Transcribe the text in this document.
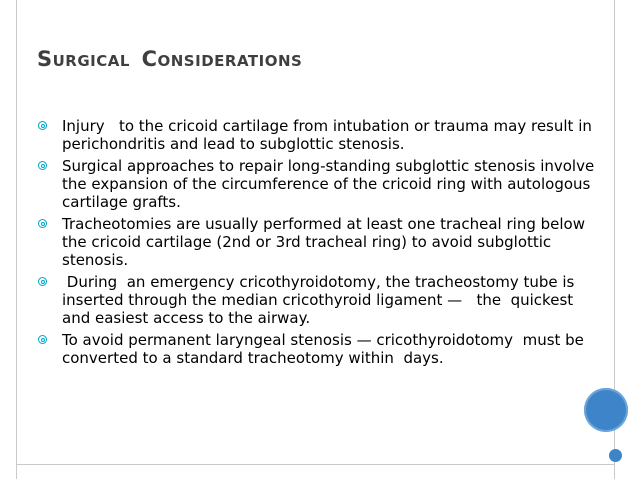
SURGICAL CONSIDERATIONS
Injury   to the cricoid cartilage from intubation or trauma may result in perichondritis and lead to subglottic stenosis.
Surgical approaches to repair long-standing subglottic stenosis involve the expansion of the circumference of the cricoid ring with autologous cartilage grafts.
Tracheotomies are usually performed at least one tracheal ring below the cricoid cartilage (2nd or 3rd tracheal ring) to avoid subglottic stenosis.
During  an emergency cricothyroidotomy, the tracheostomy tube is inserted through the median cricothyroid ligament —   the  quickest and easiest access to the airway.
To avoid permanent laryngeal stenosis — cricothyroidotomy  must be converted to a standard tracheotomy within  days.
